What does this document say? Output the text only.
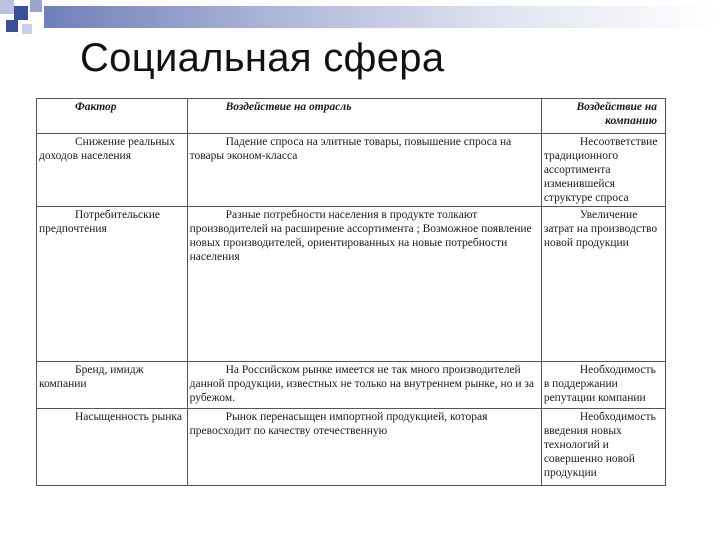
Социальная сфера
Фактор	Воздействие на отрасль	Воздействие на компанию

Снижение реальных доходов населения	Падение спроса на элитные товары, повышение спроса на товары эконом-класса	Несоответствие традиционного ассортимента изменившейся структуре спроса

Потребительские предпочтения	Разные потребности населения в продукте толкают производителей на расширение ассортимента ; Возможное появление новых производителей, ориентированных на новые потребности населения	Увеличение затрат на производство новой продукции

Бренд, имидж компании	На Российском рынке имеется не так много производителей данной продукции, известных не только на внутреннем рынке, но и за рубежом.	Необходимость в поддержании репутации компании

Насыщенность рынка	Рынок перенасыщен импортной продукцией, которая превосходит по качеству отечественную	Необходимость введения новых технологий и совершенно новой продукции
